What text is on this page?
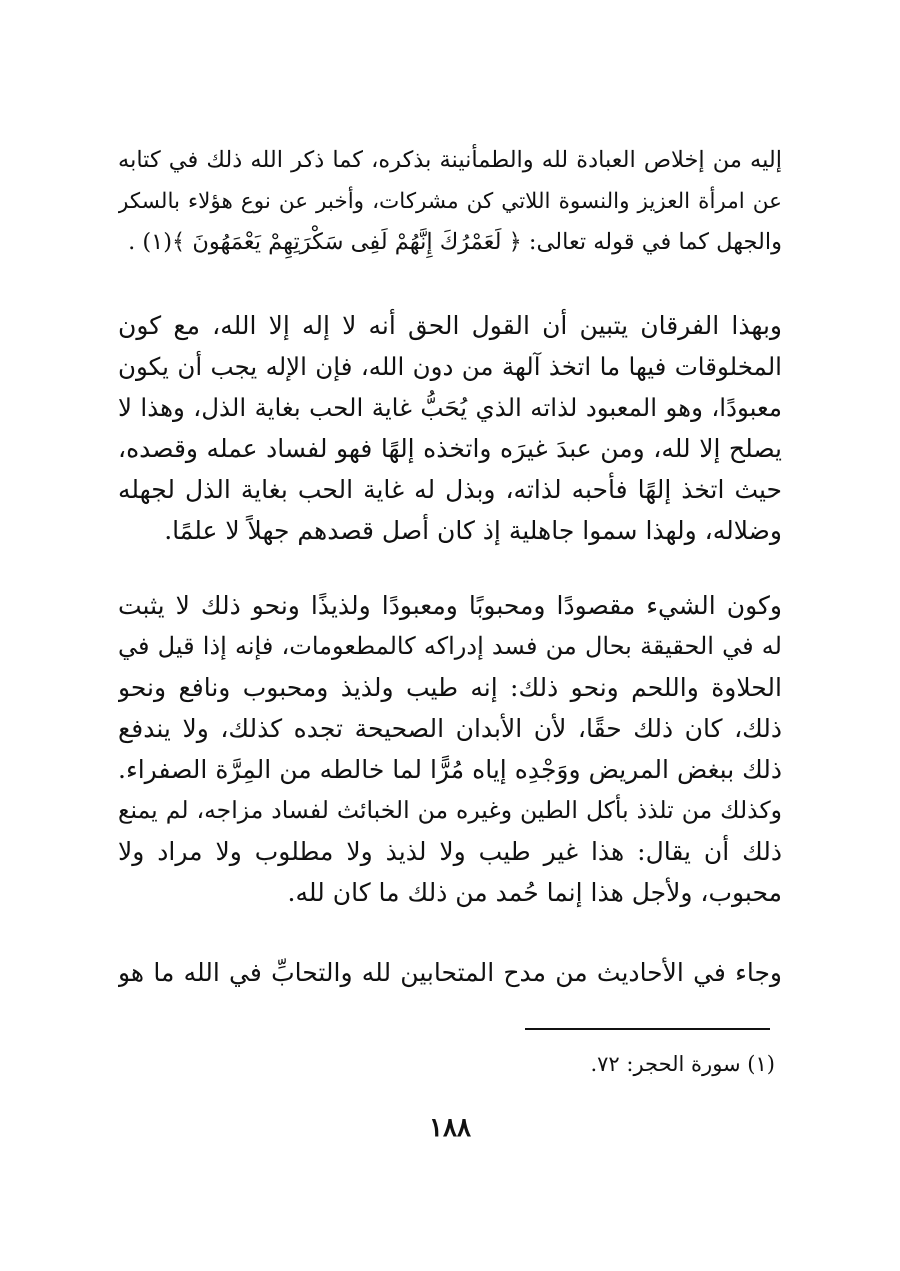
إليه من إخلاص العبادة لله والطمأنينة بذكره، كما ذكر الله ذلك في كتابه
عن امرأة العزيز والنسوة اللاتي كن مشركات، وأخبر عن نوع هؤلاء بالسكر
والجهل كما في قوله تعالى: ﴿ لَعَمْرُكَ إِنَّهُمْ لَفِى سَكْرَتِهِمْ يَعْمَهُونَ ﴾(١) .
وبهذا الفرقان يتبين أن القول الحق أنه لا إله إلا الله، مع كون
المخلوقات فيها ما اتخذ آلهة من دون الله، فإن الإله يجب أن يكون
معبودًا، وهو المعبود لذاته الذي يُحَبُّ غاية الحب بغاية الذل، وهذا لا
يصلح إلا لله، ومن عبدَ غيرَه واتخذه إلهًا فهو لفساد عمله وقصده،
حيث اتخذ إلهًا فأحبه لذاته، وبذل له غاية الحب بغاية الذل لجهله
وضلاله، ولهذا سموا جاهلية إذ كان أصل قصدهم جهلاً لا علمًا.
وكون الشيء مقصودًا ومحبوبًا ومعبودًا ولذيذًا ونحو ذلك لا يثبت
له في الحقيقة بحال من فسد إدراكه كالمطعومات، فإنه إذا قيل في
الحلاوة واللحم ونحو ذلك: إنه طيب ولذيذ ومحبوب ونافع ونحو
ذلك، كان ذلك حقًا، لأن الأبدان الصحيحة تجده كذلك، ولا يندفع
ذلك ببغض المريض ووَجْدِه إياه مُرًّا لما خالطه من المِرَّة الصفراء.
وكذلك من تلذذ بأكل الطين وغيره من الخبائث لفساد مزاجه، لم يمنع
ذلك أن يقال: هذا غير طيب ولا لذيذ ولا مطلوب ولا مراد ولا
محبوب، ولأجل هذا إنما حُمد من ذلك ما كان لله.
وجاء في الأحاديث من مدح المتحابين لله والتحابِّ في الله ما هو
(١) سورة الحجر: ٧٢.
١٨٨
